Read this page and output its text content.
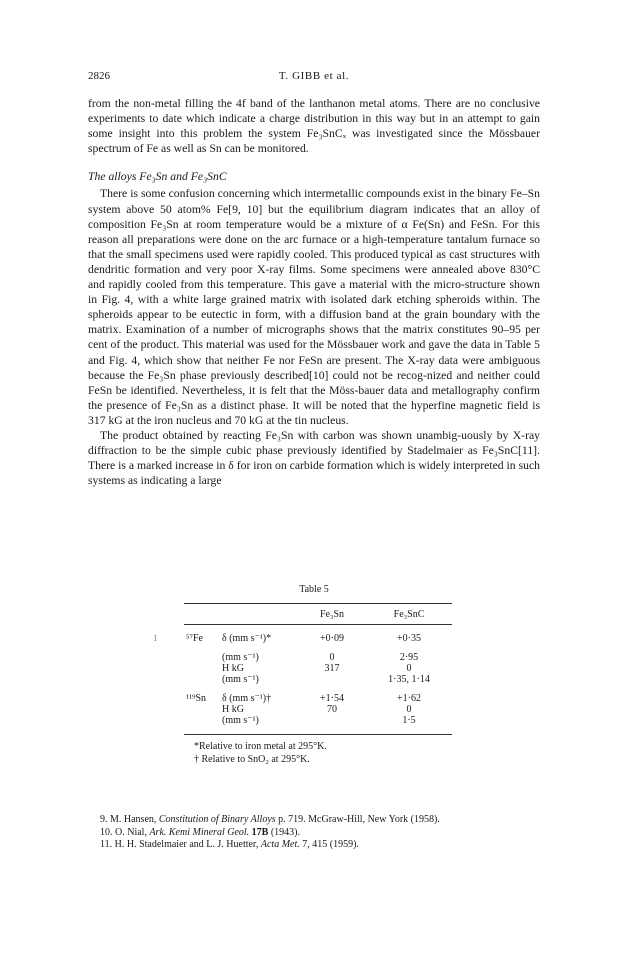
2826	T. GIBB et al.

from the non-metal filling the 4f band of the lanthanon metal atoms. There are no conclusive experiments to date which indicate a charge distribution in this way but in an attempt to gain some insight into this problem the system Fe₃SnCₓ was investigated since the Mössbauer spectrum of Fe as well as Sn can be monitored.

The alloys Fe₃Sn and Fe₃SnC

There is some confusion concerning which intermetallic compounds exist in the binary Fe–Sn system above 50 atom% Fe[9, 10] but the equilibrium diagram indicates that an alloy of composition Fe₃Sn at room temperature would be a mixture of α Fe(Sn) and FeSn. For this reason all preparations were done on the arc furnace or a high-temperature tantalum furnace so that the small specimens used were rapidly cooled. This produced typical as cast structures with dendritic formation and very poor X-ray films. Some specimens were annealed above 830°C and rapidly cooled from this temperature. This gave a material with the micro-structure shown in Fig. 4, with a white large grained matrix with isolated dark etching spheroids within. The spheroids appear to be eutectic in form, with a diffusion band at the grain boundary with the matrix. Examination of a number of micrographs shows that the matrix constitutes 90–95 per cent of the product. This material was used for the Mössbauer work and gave the data in Table 5 and Fig. 4, which show that neither Fe nor FeSn are present. The X-ray data were ambiguous because the Fe₃Sn phase previously described[10] could not be recog-nized and neither could FeSn be identified. Nevertheless, it is felt that the Möss-bauer data and metallography confirm the presence of Fe₃Sn as a distinct phase. It will be noted that the hyperfine magnetic field is 317 kG at the iron nucleus and 70 kG at the tin nucleus.

The product obtained by reacting Fe₃Sn with carbon was shown unambig-uously by X-ray diffraction to be the simple cubic phase previously identified by Stadelmaier as Fe₃SnC[11]. There is a marked increase in δ for iron on carbide formation which is widely interpreted in such systems as indicating a large

1
Table 5
		Fe₃Sn	Fe₃SnC

⁵⁷Fe	δ (mm s⁻¹)*	+0·09	+0·35

	(mm s⁻¹)	0	2·95
	H kG	317	0
	(mm s⁻¹)		1·35, 1·14

¹¹⁹Sn	δ (mm s⁻¹)†	+1·54	+1·62
	H kG	70	0
	(mm s⁻¹)		1·5

*Relative to iron metal at 295°K.
† Relative to SnO₂ at 295°K.
9. M. Hansen, Constitution of Binary Alloys p. 719. McGraw-Hill, New York (1958).
10. O. Nial, Ark. Kemi Mineral Geol. 17B (1943).
11. H. H. Stadelmaier and L. J. Huetter, Acta Met. 7, 415 (1959).
